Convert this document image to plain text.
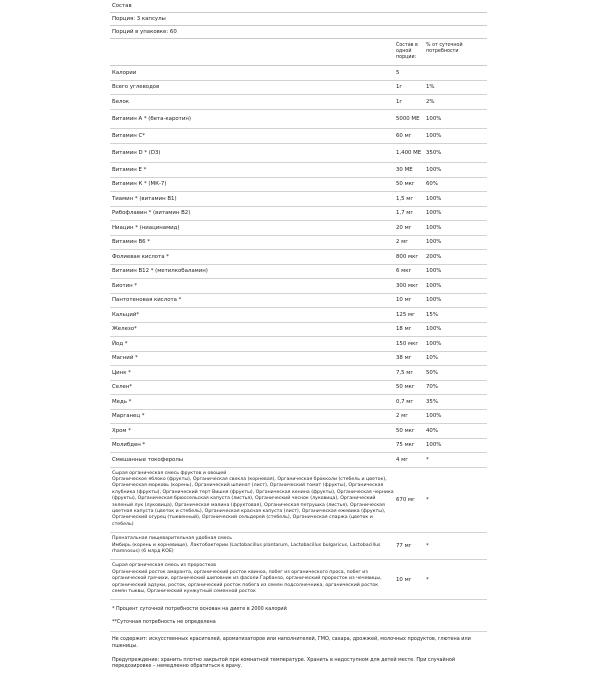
Состав
Порция: 3 капсулы
Порций в упаковке: 60
Состав в одной порции:
% от суточной потребности
Калории	5
Всего углеводов	1г	1%
Белок	1г	2%
Витамин А * (бета-каротин)	5000 МЕ	100%
Витамин С*	60 мг	100%
Витамин D * (D3)	1,400 МЕ 350%
Витамин Е *	30 МЕ	100%
Витамин К * (МК-7)	50 мкг	60%
Тиамин * (витамин B1)	1,5 мг	100%
Рибофлавин * (витамин B2)	1,7 мг	100%
Ниацин * (ниацинамид)	20 мг	100%
Витамин В6 *	2 мг	100%
Фолиевая кислота *	800 мкг	200%
Витамин В12 * (метилкобаламин)	6 мкг	100%
Биотин *	300 мкг	100%
Пантотеновая кислота *	10 мг	100%
Кальций*	125 мг	15%
Железо*	18 мг	100%
Йод *	150 мкг	100%
Магний *	38 мг	10%
Цинк *	7,5 мг	50%
Селен*	50 мкг	70%
Медь *	0,7 мг	35%
Марганец *	2 мг	100%
Хром *	50 мкг	40%
Молибден *	75 мкг	100%
Смешанные токоферолы	4 мг	*
Сырая органическая смесь фруктов и овощей
Органическое яблоко (фрукты), Органическая свекла (корневая), Органическая брокколи (стебель и цветок), Органическая морковь (корень), Органический шпинат (лист), Органический томат (фрукты), Органическая клубника (фрукты), Органический терт Вишня (фрукты), Органическая кенина (фрукты), Органическая черника (фрукты), Органическая брюссельская капуста (листья), Органический чеснок (луковица), Органический зеленый лук (луковица), Органическая малина (фруктовая), Органическая петрушка (листья), Органическая цветная капуста (цветок и стебель), Органическая красная капуста (лист), Органическая ежевика (фрукты), Органический огурец (тыквенный), Органический сельдерей (стебель), Органическая спаржа (цветок и стебель)
670 мг	*
Пренатальная пищеварительная удобная смесь
Имбирь (корень и корневище), Лактобактерии (Lactobacillus plantarum, Lactobacillus bulgaricus, Lactobacillus rhamnosus) (6 млрд КОЕ)
77 мг	*
Сырая органическая смесь из проростков
Органический росток амаранта, органический росток квиноа, побег из органического проса, побег из органической гречихи, органический шиповник из фасоли Гарбанзо, органический проросток из чечевицы, органический адзуки, росток, органический росток побега из семян подсолнечника, органический росток семян тыквы, Органический кунжутный семенной росток
10 мг	*
* Процент суточной потребности основан на диете в 2000 калорий
**Суточная потребность не определена
Не содержит: искусственных красителей, ароматизаторов или наполнителей, ГМО, сахара, дрожжей, молочных продуктов, глютена или пшеницы.
Предупреждение: хранить плотно закрытой при комнатной температуре. Хранить в недоступном для детей месте. При случайной передозировке – немедленно обратиться к врачу.
